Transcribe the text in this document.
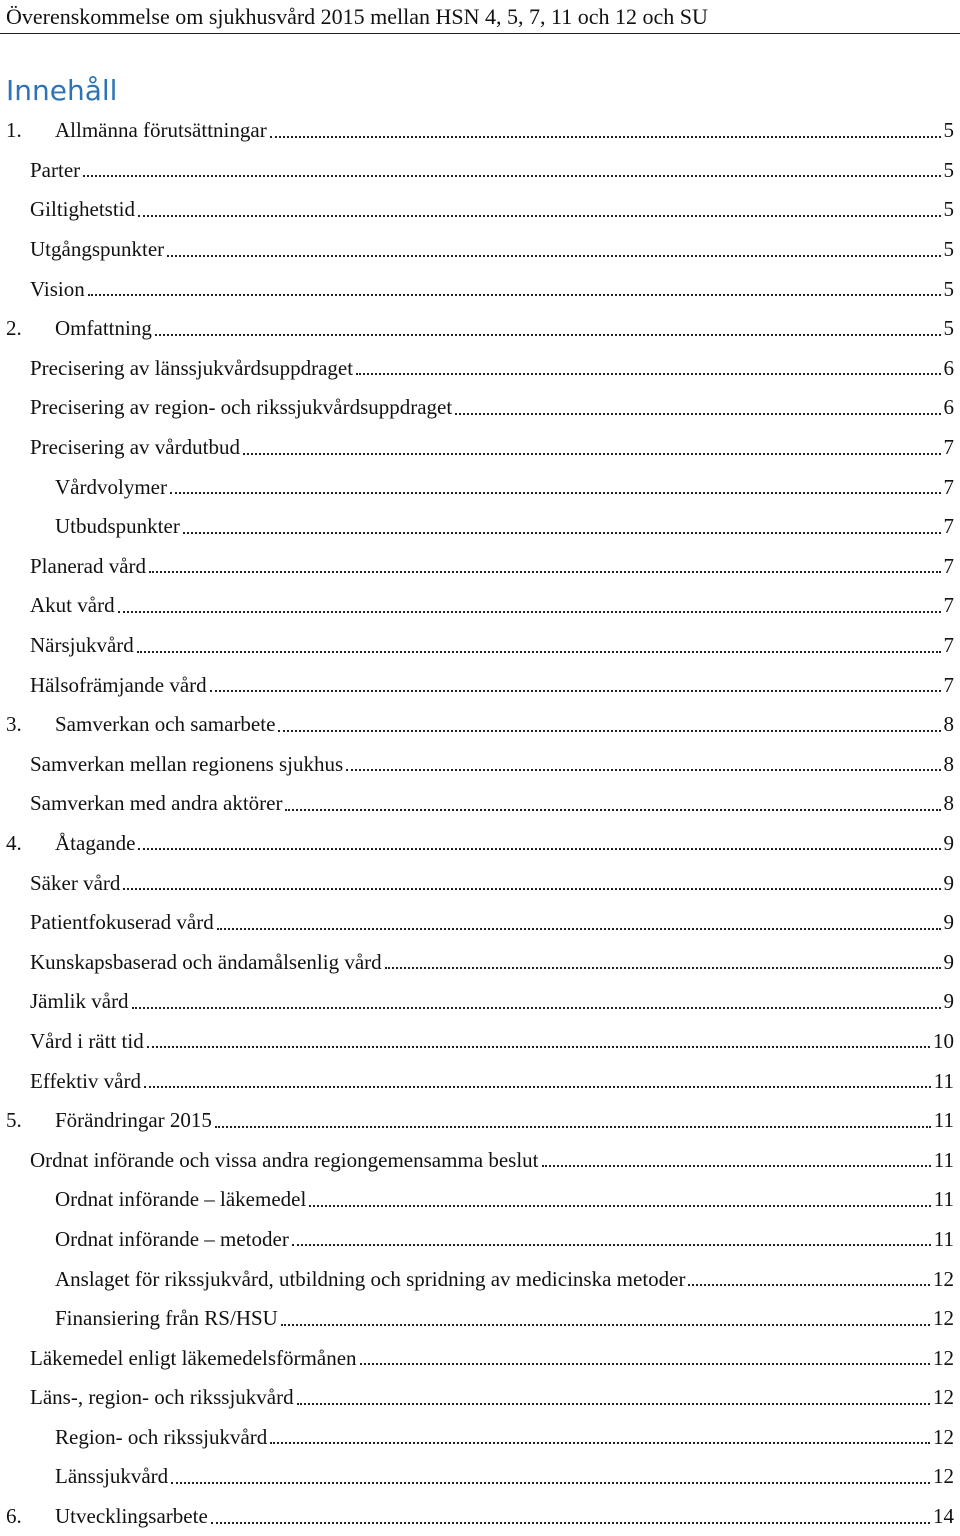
Överenskommelse om sjukhusvård 2015 mellan HSN 4, 5, 7, 11 och 12 och SU
Innehåll
1.	Allmänna förutsättningar	5
Parter	5
Giltighetstid	5
Utgångspunkter	5
Vision	5
2.	Omfattning	5
Precisering av länssjukvårdsuppdraget	6
Precisering av region- och rikssjukvårdsuppdraget	6
Precisering av vårdutbud	7
Vårdvolymer	7
Utbudspunkter	7
Planerad vård	7
Akut vård	7
Närsjukvård	7
Hälsofrämjande vård	7
3.	Samverkan och samarbete	8
Samverkan mellan regionens sjukhus	8
Samverkan med andra aktörer	8
4.	Åtagande	9
Säker vård	9
Patientfokuserad vård	9
Kunskapsbaserad och ändamålsenlig vård	9
Jämlik vård	9
Vård i rätt tid	10
Effektiv vård	11
5.	Förändringar 2015	11
Ordnat införande och vissa andra regiongemensamma beslut	11
Ordnat införande – läkemedel	11
Ordnat införande – metoder	11
Anslaget för rikssjukvård, utbildning och spridning av medicinska metoder	12
Finansiering från RS/HSU	12
Läkemedel enligt läkemedelsförmånen	12
Läns-, region- och rikssjukvård	12
Region- och rikssjukvård	12
Länssjukvård	12
6.	Utvecklingsarbete	14
